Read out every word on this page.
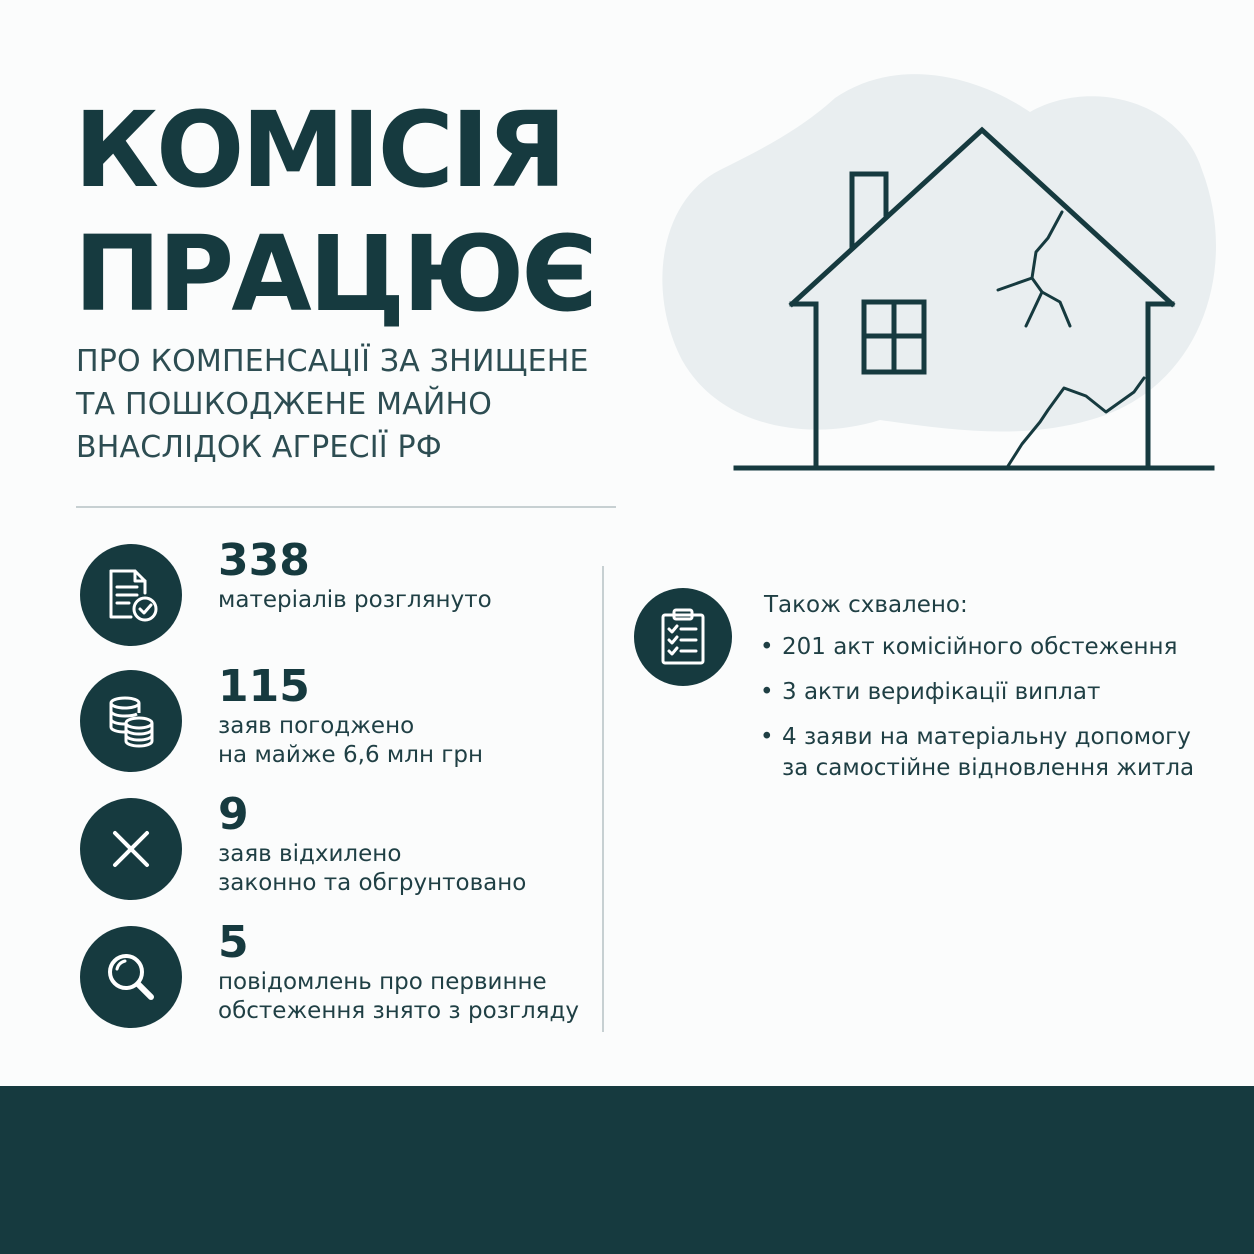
КОМІСІЯ
ПРАЦЮЄ
ПРО КОМПЕНСАЦІЇ ЗА ЗНИЩЕНЕ
ТА ПОШКОДЖЕНЕ МАЙНО
ВНАСЛІДОК АГРЕСІЇ РФ
338
матеріалів розглянуто
115
заяв погоджено
на майже 6,6 млн грн
9
заяв відхилено
законно та обгрунтовано
5
повідомлень про первинне
обстеження знято з розгляду
Також схвалено:
• 201 акт комісійного обстеження
• 3 акти верифікації виплат
• 4 заяви на матеріальну допомогу
за самостійне відновлення житла
